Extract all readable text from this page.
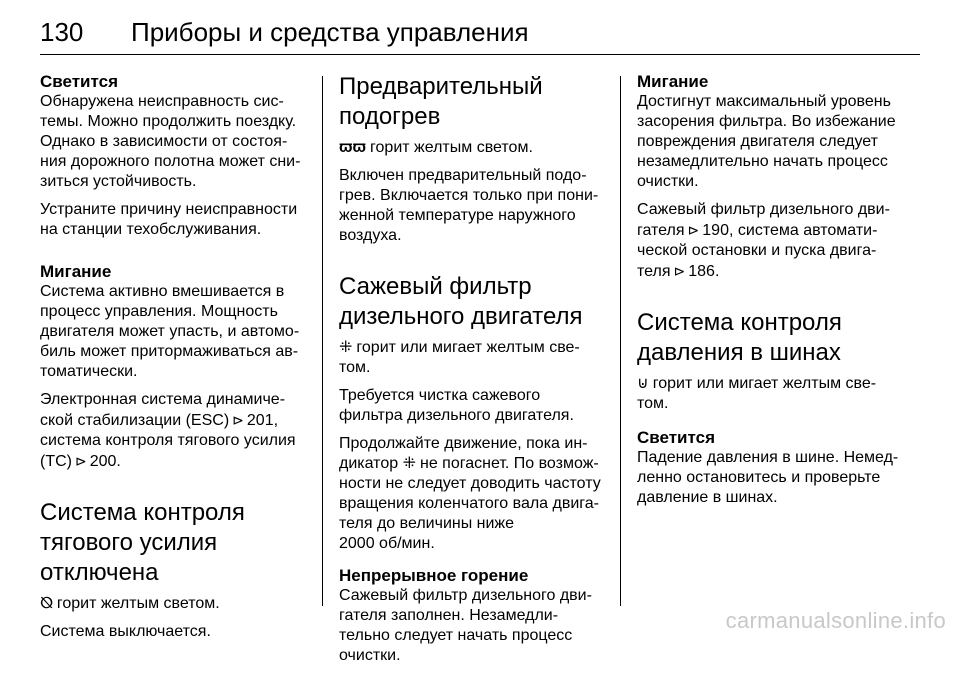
130 Приборы и средства управления
Светится

Обнаружена неисправность сис-темы. Можно продолжить поездку. Однако в зависимости от состоя-ния дорожного полотна может сни-зиться устойчивость.

Устраните причину неисправности на станции техобслуживания.

Мигание

Система активно вмешивается в процесс управления. Мощность двигателя может упасть, и автомо-биль может притормаживаться ав-томатически.

Электронная система динамиче-ской стабилизации (ESC) ⊳ 201, система контроля тягового усилия (TC) ⊳ 200.

Система контроля
тягового усилия
отключена

⦰ горит желтым светом.

Система выключается.

Предварительный
подогрев

ϖϖ горит желтым светом.

Включен предварительный подо-грев. Включается только при пони-женной температуре наружного воздуха.

Сажевый фильтр
дизельного двигателя

⁜ горит или мигает желтым све-том.

Требуется чистка сажевого фильтра дизельного двигателя.

Продолжайте движение, пока ин-дикатор ⁜ не погаснет. По возмож-ности не следует доводить частоту вращения коленчатого вала двига-теля до величины ниже
2000 об/мин.

Непрерывное горение

Сажевый фильтр дизельного дви-гателя заполнен. Незамедли-тельно следует начать процесс очистки.

Мигание

Достигнут максимальный уровень засорения фильтра. Во избежание повреждения двигателя следует незамедлительно начать процесс очистки.

Сажевый фильтр дизельного дви-гателя ⊳ 190, система автомати-ческой остановки и пуска двига-теля ⊳ 186.

Система контроля
давления в шинах

⊍ горит или мигает желтым све-том.

Светится

Падение давления в шине. Немед-ленно остановитесь и проверьте давление в шинах.

carmanualsonline.info
